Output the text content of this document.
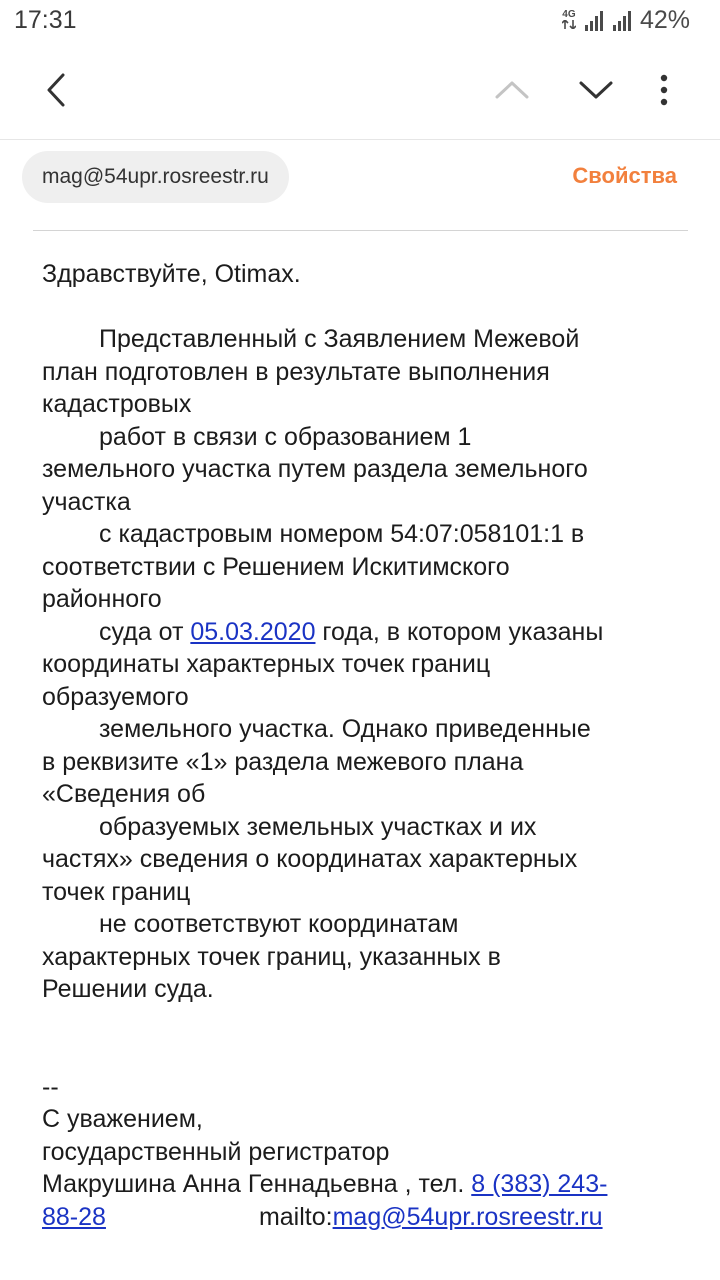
17:31	4G	42%
mag@54upr.rosreestr.ru	Свойства
Здравствуйте, Otimax.
Представленный с Заявлением Межевой
план подготовлен в результате выполнения
кадастровых
работ в связи с образованием 1
земельного участка путем раздела земельного
участка
с кадастровым номером 54:07:058101:1 в
соответствии с Решением Искитимского
районного
суда от 05.03.2020 года, в котором указаны
координаты характерных точек границ
образуемого
земельного участка. Однако приведенные
в реквизите «1» раздела межевого плана
«Сведения об
образуемых земельных участках и их
частях» сведения о координатах характерных
точек границ
не соответствуют координатам
характерных точек границ, указанных в
Решении суда.
--
С уважением,
государственный регистратор
Макрушина Анна Геннадьевна , тел. 8 (383) 243-
88-28	mailto:mag@54upr.rosreestr.ru
